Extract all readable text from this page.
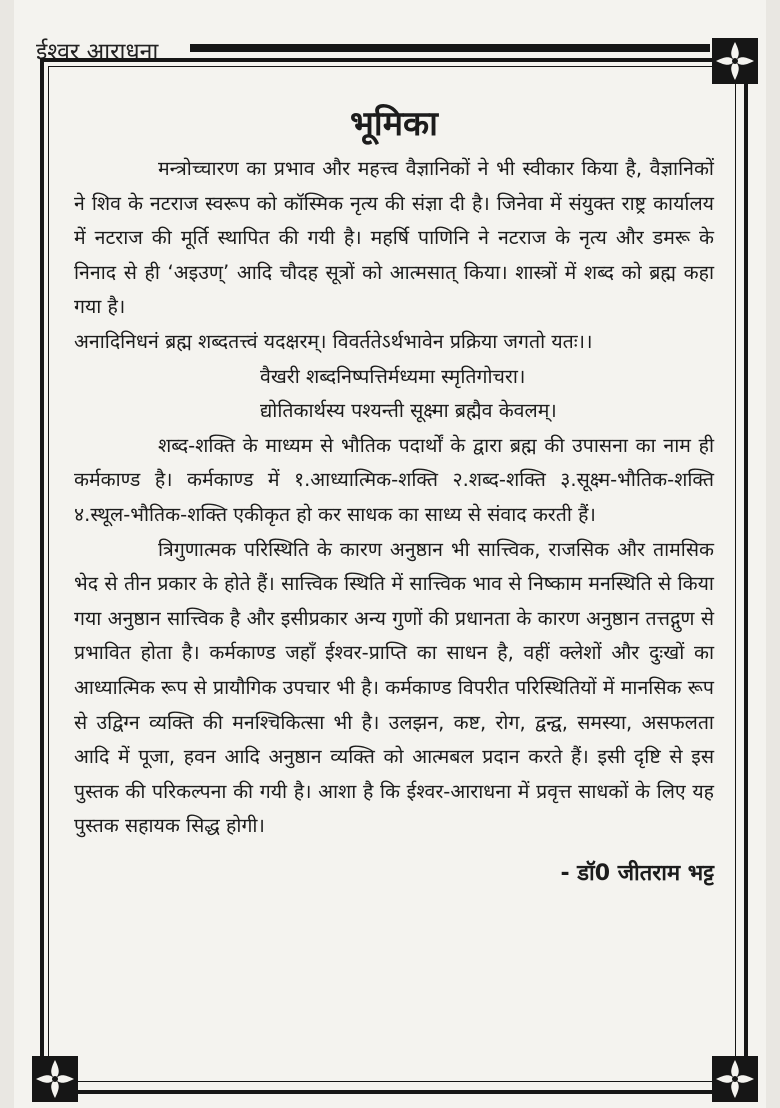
ईश्वर आराधना
भूमिका

मन्त्रोच्चारण का प्रभाव और महत्त्व वैज्ञानिकों ने भी स्वीकार किया है, वैज्ञानिकों ने शिव के नटराज स्वरूप को कॉस्मिक नृत्य की संज्ञा दी है। जिनेवा में संयुक्त राष्ट्र कार्यालय में नटराज की मूर्ति स्थापित की गयी है। महर्षि पाणिनि ने नटराज के नृत्य और डमरू के निनाद से ही ‘अइउण्’ आदि चौदह सूत्रों को आत्मसात् किया। शास्त्रों में शब्द को ब्रह्म कहा गया है।

अनादिनिधनं ब्रह्म शब्दतत्त्वं यदक्षरम्। विवर्ततेऽर्थभावेन प्रक्रिया जगतो यतः।।

वैखरी शब्दनिष्पत्तिर्मध्यमा स्मृतिगोचरा।

द्योतिकार्थस्य पश्यन्ती सूक्ष्मा ब्रह्मैव केवलम्।

शब्द-शक्ति के माध्यम से भौतिक पदार्थों के द्वारा ब्रह्म की उपासना का नाम ही कर्मकाण्ड है। कर्मकाण्ड में १.आध्यात्मिक-शक्ति २.शब्द-शक्ति ३.सूक्ष्म-भौतिक-शक्ति ४.स्थूल-भौतिक-शक्ति एकीकृत हो कर साधक का साध्य से संवाद करती हैं।

त्रिगुणात्मक परिस्थिति के कारण अनुष्ठान भी सात्त्विक, राजसिक और तामसिक भेद से तीन प्रकार के होते हैं। सात्त्विक स्थिति में सात्त्विक भाव से निष्काम मनस्थिति से किया गया अनुष्ठान सात्त्विक है और इसीप्रकार अन्य गुणों की प्रधानता के कारण अनुष्ठान तत्तद्गुण से प्रभावित होता है। कर्मकाण्ड जहाँ ईश्वर-प्राप्ति का साधन है, वहीं क्लेशों और दुःखों का आध्यात्मिक रूप से प्रायौगिक उपचार भी है। कर्मकाण्ड विपरीत परिस्थितियों में मानसिक रूप से उद्विग्न व्यक्ति की मनश्चिकित्सा भी है। उलझन, कष्ट, रोग, द्वन्द्व, समस्या, असफलता आदि में पूजा, हवन आदि अनुष्ठान व्यक्ति को आत्मबल प्रदान करते हैं। इसी दृष्टि से इस पुस्तक की परिकल्पना की गयी है। आशा है कि ईश्वर-आराधना में प्रवृत्त साधकों के लिए यह पुस्तक सहायक सिद्ध होगी।

- डॉ0 जीतराम भट्ट
